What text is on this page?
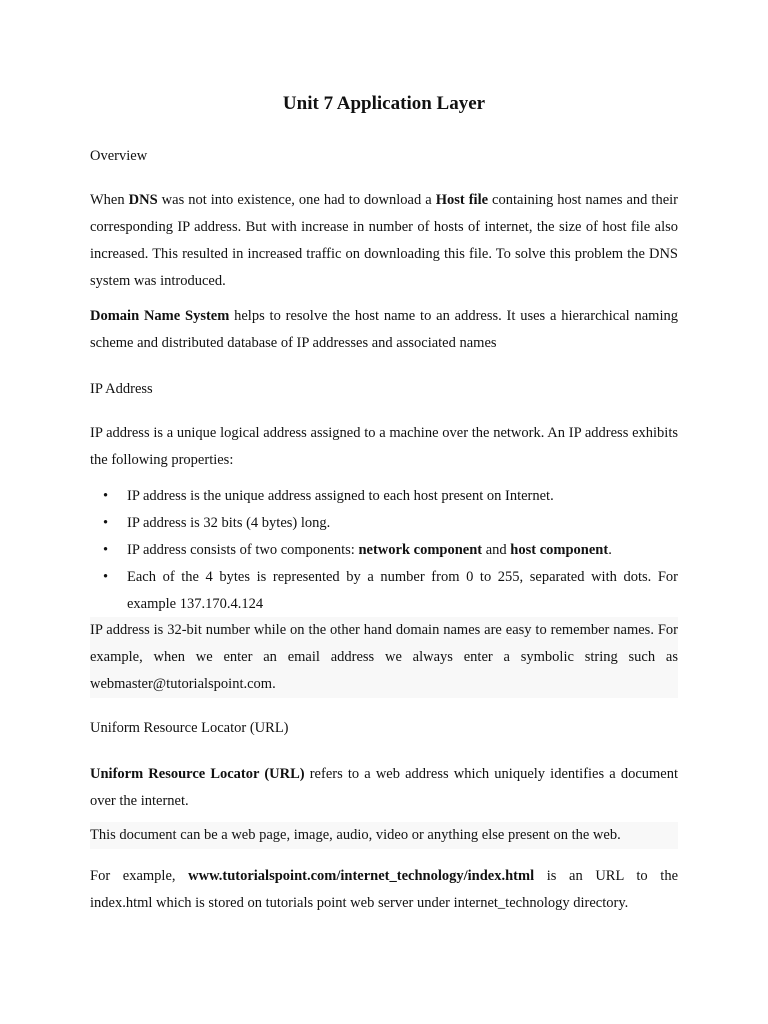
Unit 7 Application Layer

Overview

When DNS was not into existence, one had to download a Host file containing host names and their corresponding IP address. But with increase in number of hosts of internet, the size of host file also increased. This resulted in increased traffic on downloading this file. To solve this problem the DNS system was introduced.

Domain Name System helps to resolve the host name to an address. It uses a hierarchical naming scheme and distributed database of IP addresses and associated names

IP Address

IP address is a unique logical address assigned to a machine over the network. An IP address exhibits the following properties:

• IP address is the unique address assigned to each host present on Internet.
• IP address is 32 bits (4 bytes) long.
• IP address consists of two components: network component and host component.
• Each of the 4 bytes is represented by a number from 0 to 255, separated with dots. For example 137.170.4.124

IP address is 32-bit number while on the other hand domain names are easy to remember names. For example, when we enter an email address we always enter a symbolic string such as webmaster@tutorialspoint.com.

Uniform Resource Locator (URL)

Uniform Resource Locator (URL) refers to a web address which uniquely identifies a document over the internet.

This document can be a web page, image, audio, video or anything else present on the web.

For example, www.tutorialspoint.com/internet_technology/index.html is an URL to the index.html which is stored on tutorials point web server under internet_technology directory.
